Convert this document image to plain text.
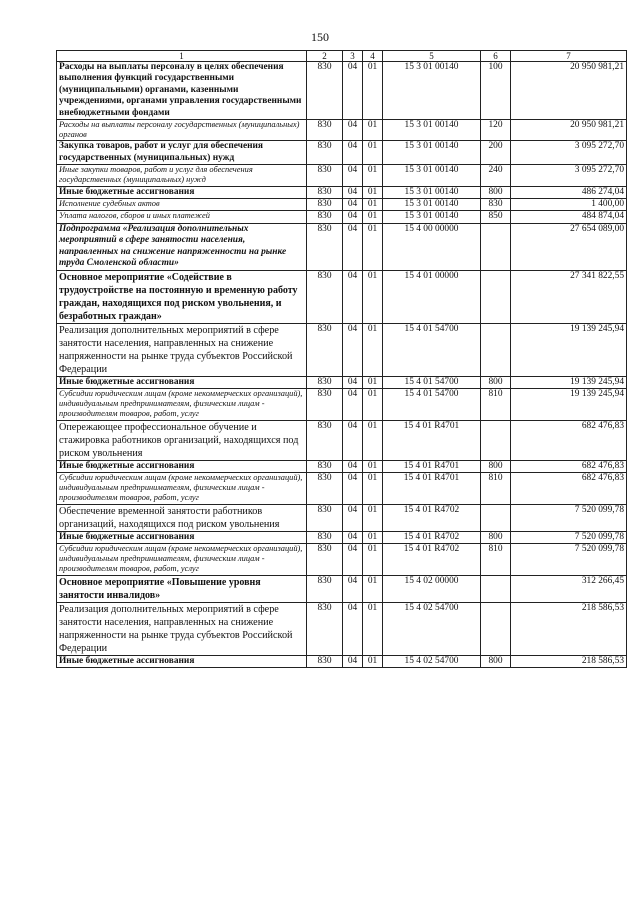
150
1	2	3	4	5	6	7
Расходы на выплаты персоналу в целях обеспечения выполнения функций государственными (муниципальными) органами, казенными учреждениями, органами управления государственными внебюджетными фондами	830	04	01	15 3 01 00140	100	20 950 981,21
Расходы на выплаты персоналу государственных (муниципальных) органов	830	04	01	15 3 01 00140	120	20 950 981,21
Закупка товаров, работ и услуг для обеспечения государственных (муниципальных) нужд	830	04	01	15 3 01 00140	200	3 095 272,70
Иные закупки товаров, работ и услуг для обеспечения государственных (муниципальных) нужд	830	04	01	15 3 01 00140	240	3 095 272,70
Иные бюджетные ассигнования	830	04	01	15 3 01 00140	800	486 274,04
Исполнение судебных актов	830	04	01	15 3 01 00140	830	1 400,00
Уплата налогов, сборов и иных платежей	830	04	01	15 3 01 00140	850	484 874,04
Подпрограмма «Реализация дополнительных мероприятий в сфере занятости населения, направленных на снижение напряженности на рынке труда Смоленской области»	830	04	01	15 4 00 00000		27 654 089,00
Основное мероприятие «Содействие в трудоустройстве на постоянную и временную работу граждан, находящихся под риском увольнения, и безработных граждан»	830	04	01	15 4 01 00000		27 341 822,55
Реализация дополнительных мероприятий в сфере занятости населения, направленных на снижение напряженности на рынке труда субъектов Российской Федерации	830	04	01	15 4 01 54700		19 139 245,94
Иные бюджетные ассигнования	830	04	01	15 4 01 54700	800	19 139 245,94
Субсидии юридическим лицам (кроме некоммерческих организаций), индивидуальным предпринимателям, физическим лицам - производителям товаров, работ, услуг	830	04	01	15 4 01 54700	810	19 139 245,94
Опережающее профессиональное обучение и стажировка работников организаций, находящихся под риском увольнения	830	04	01	15 4 01 R4701		682 476,83
Иные бюджетные ассигнования	830	04	01	15 4 01 R4701	800	682 476,83
Субсидии юридическим лицам (кроме некоммерческих организаций), индивидуальным предпринимателям, физическим лицам - производителям товаров, работ, услуг	830	04	01	15 4 01 R4701	810	682 476,83
Обеспечение временной занятости работников организаций, находящихся под риском увольнения	830	04	01	15 4 01 R4702		7 520 099,78
Иные бюджетные ассигнования	830	04	01	15 4 01 R4702	800	7 520 099,78
Субсидии юридическим лицам (кроме некоммерческих организаций), индивидуальным предпринимателям, физическим лицам - производителям товаров, работ, услуг	830	04	01	15 4 01 R4702	810	7 520 099,78
Основное мероприятие «Повышение уровня занятости инвалидов»	830	04	01	15 4 02 00000		312 266,45
Реализация дополнительных мероприятий в сфере занятости населения, направленных на снижение напряженности на рынке труда субъектов Российской Федерации	830	04	01	15 4 02 54700		218 586,53
Иные бюджетные ассигнования	830	04	01	15 4 02 54700	800	218 586,53
